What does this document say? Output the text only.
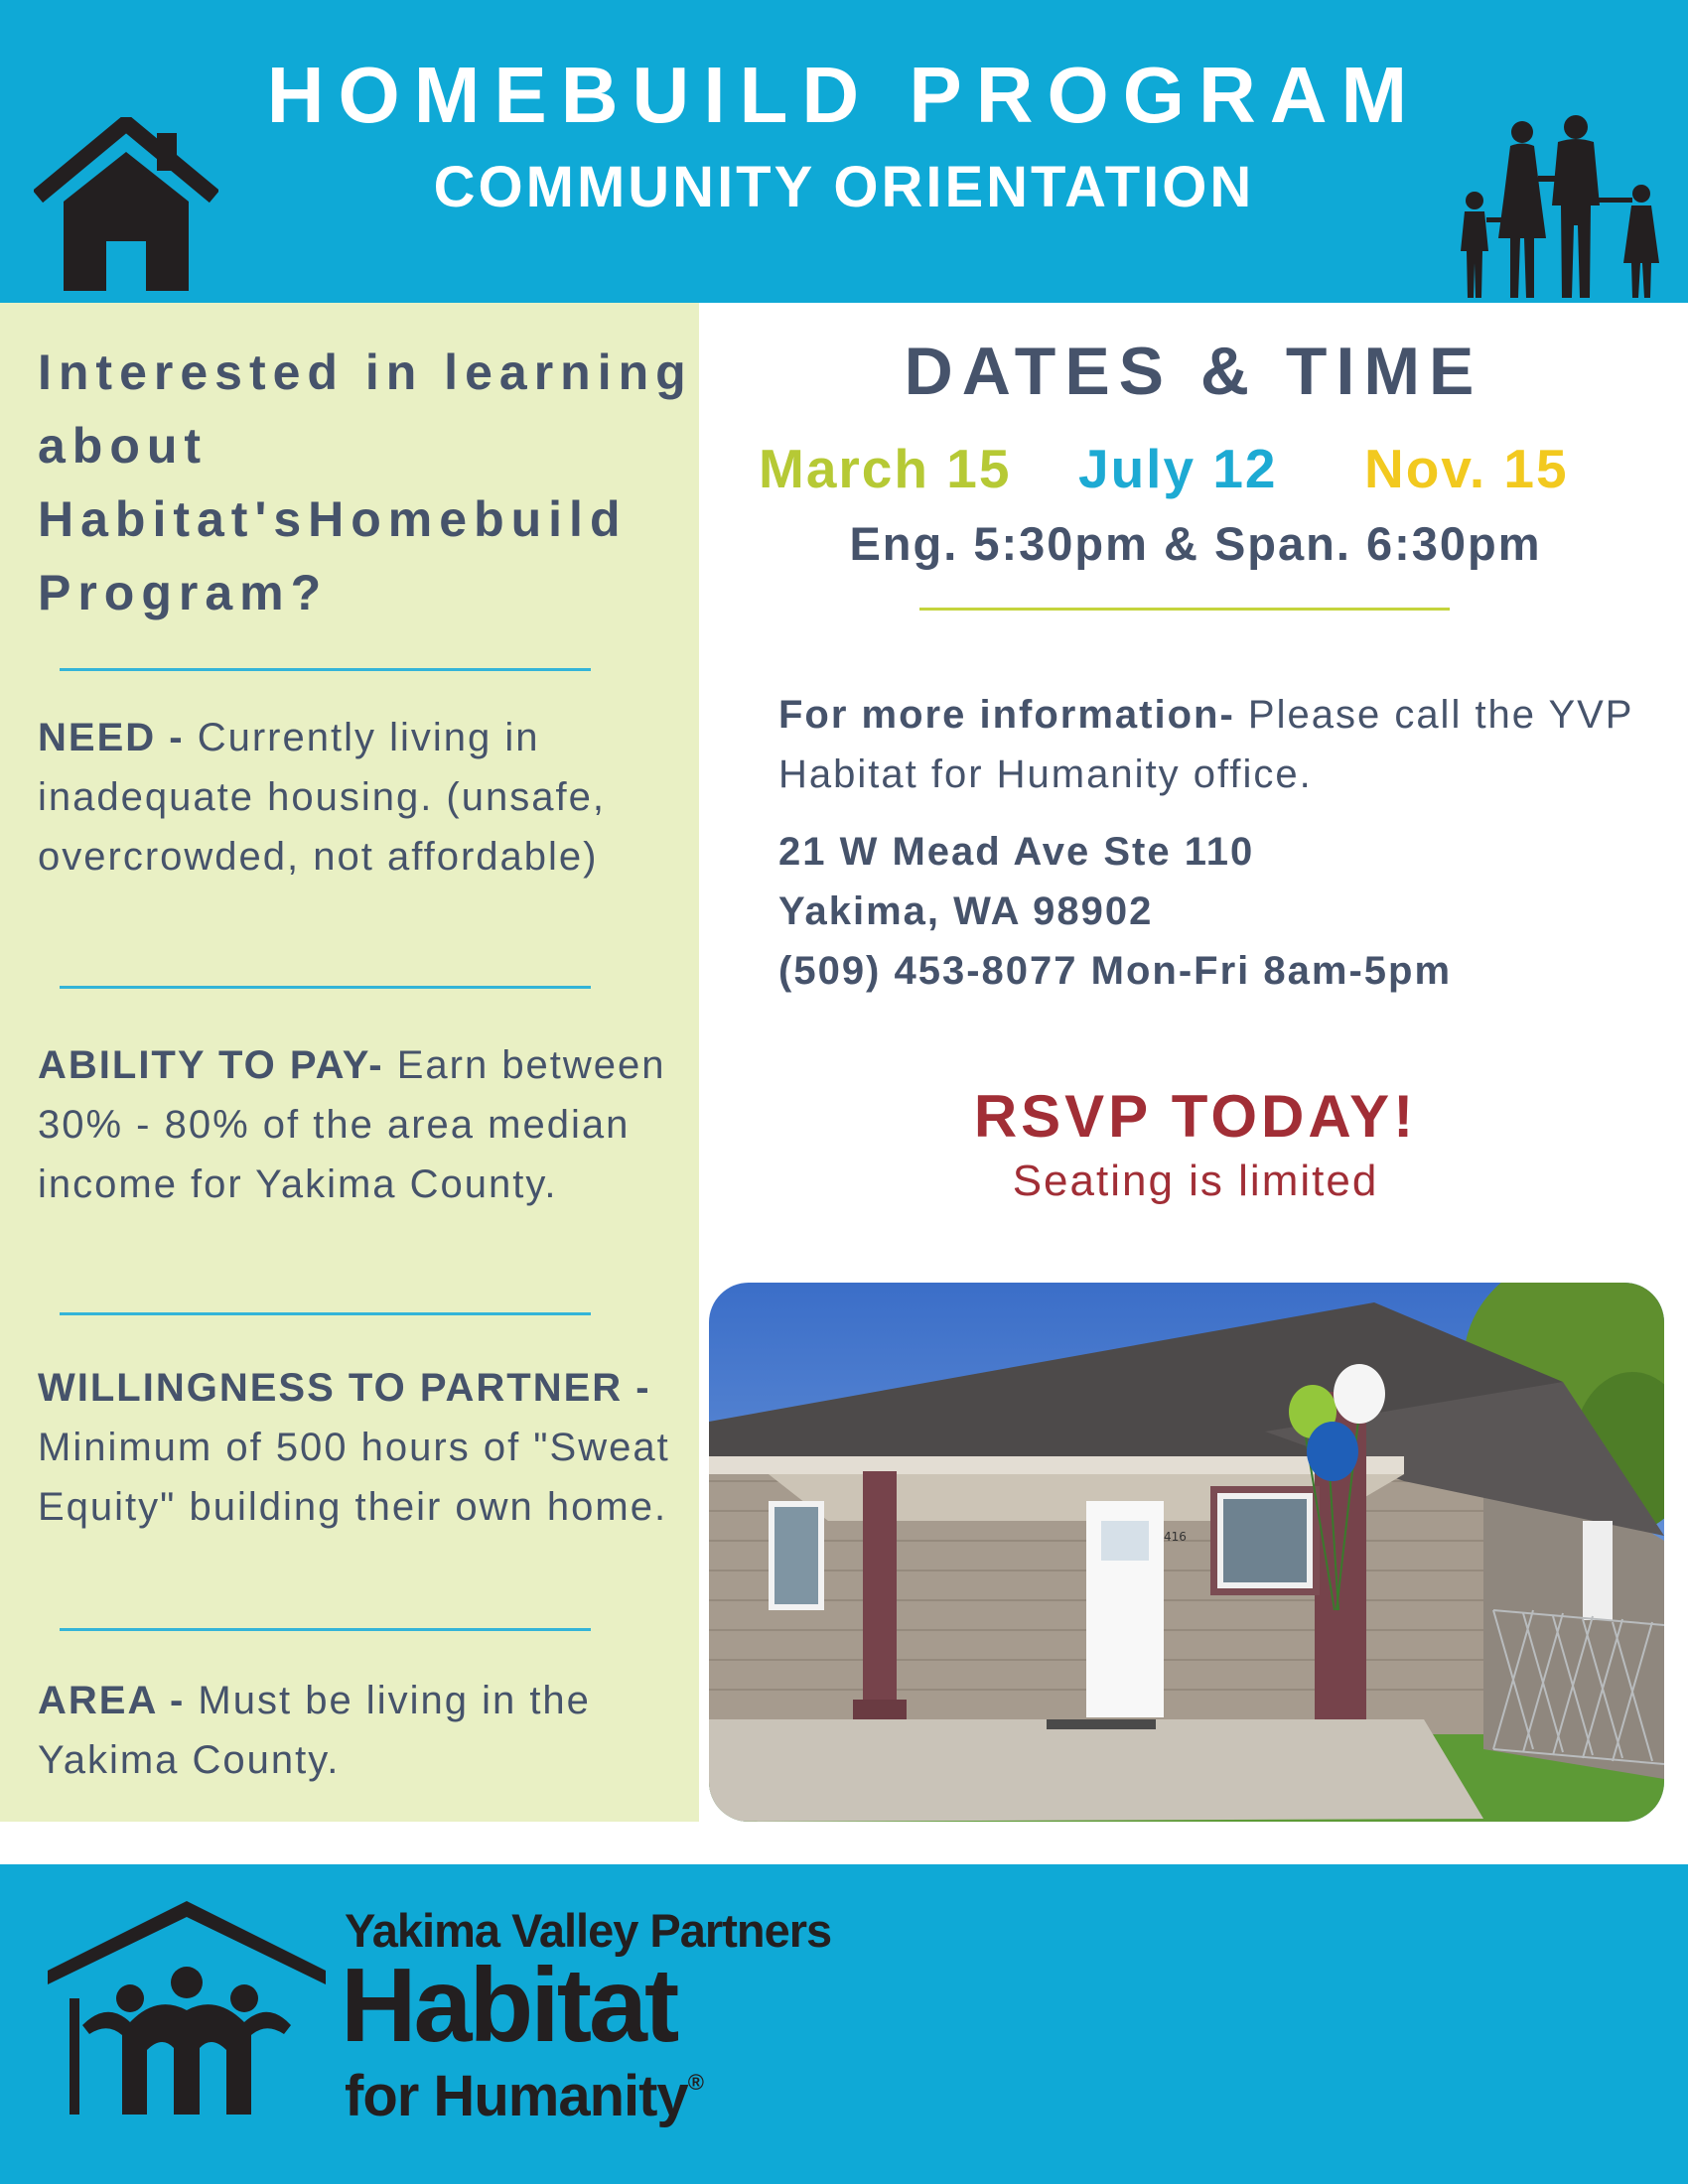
HOMEBUILD PROGRAM
COMMUNITY ORIENTATION

Interested in learning about Habitat'sHomebuild Program?

NEED - Currently living in inadequate housing. (unsafe, overcrowded, not affordable)

ABILITY TO PAY- Earn between 30% - 80% of the area median income for Yakima County.

WILLINGNESS TO PARTNER - Minimum of 500 hours of "Sweat Equity" building their own home.

AREA - Must be living in the Yakima County.

DATES & TIME
March 15 July 12 Nov. 15
Eng. 5:30pm & Span. 6:30pm

For more information- Please call the YVP Habitat for Humanity office.

21 W Mead Ave Ste 110
Yakima, WA 98902
(509) 453-8077 Mon-Fri 8am-5pm
RSVP TODAY!
Seating is limited
416
Yakima Valley Partners
Habitat
for Humanity®
